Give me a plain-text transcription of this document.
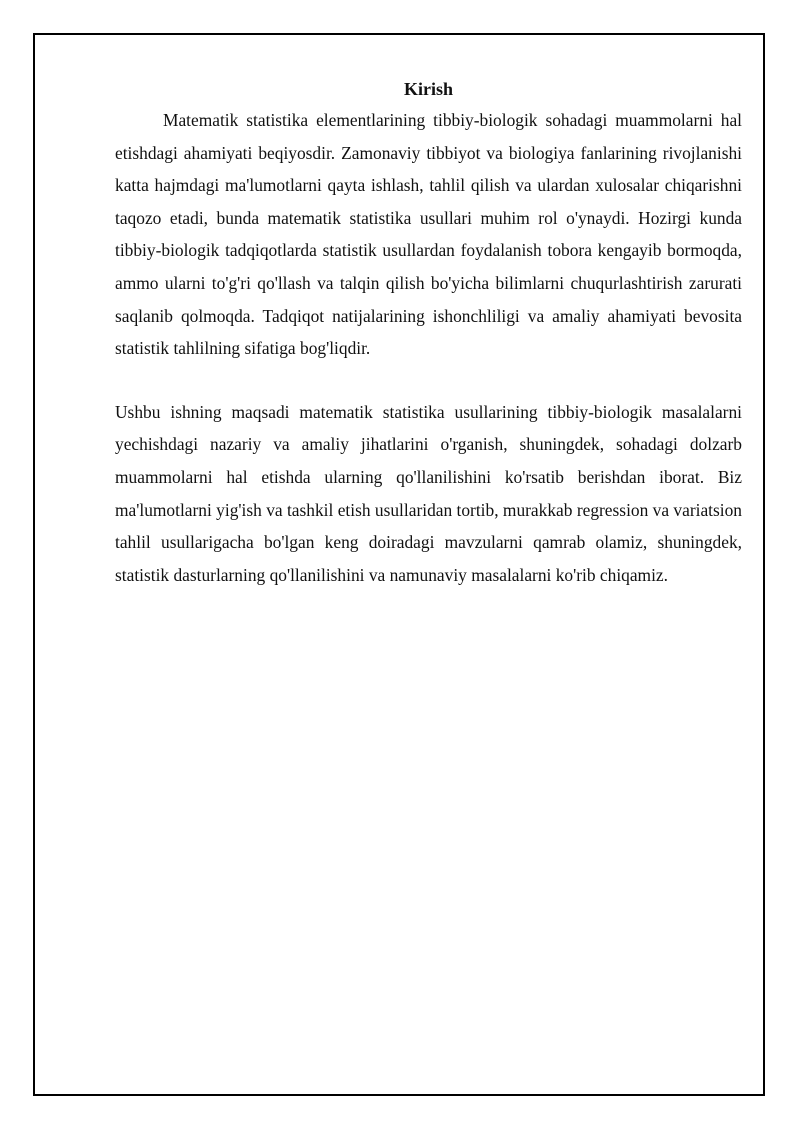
Kirish

Matematik statistika elementlarining tibbiy-biologik sohadagi muammolarni hal etishdagi ahamiyati beqiyosdir. Zamonaviy tibbiyot va biologiya fanlarining rivojlanishi katta hajmdagi ma'lumotlarni qayta ishlash, tahlil qilish va ulardan xulosalar chiqarishni taqozo etadi, bunda matematik statistika usullari muhim rol o'ynaydi. Hozirgi kunda tibbiy-biologik tadqiqotlarda statistik usullardan foydalanish tobora kengayib bormoqda, ammo ularni to'g'ri qo'llash va talqin qilish bo'yicha bilimlarni chuqurlashtirish zarurati saqlanib qolmoqda. Tadqiqot natijalarining ishonchliligi va amaliy ahamiyati bevosita statistik tahlilning sifatiga bog'liqdir.

Ushbu ishning maqsadi matematik statistika usullarining tibbiy-biologik masalalarni yechishdagi nazariy va amaliy jihatlarini o'rganish, shuningdek, sohadagi dolzarb muammolarni hal etishda ularning qo'llanilishini ko'rsatib berishdan iborat. Biz ma'lumotlarni yig'ish va tashkil etish usullaridan tortib, murakkab regression va variatsion tahlil usullarigacha bo'lgan keng doiradagi mavzularni qamrab olamiz, shuningdek, statistik dasturlarning qo'llanilishini va namunaviy masalalarni ko'rib chiqamiz.
